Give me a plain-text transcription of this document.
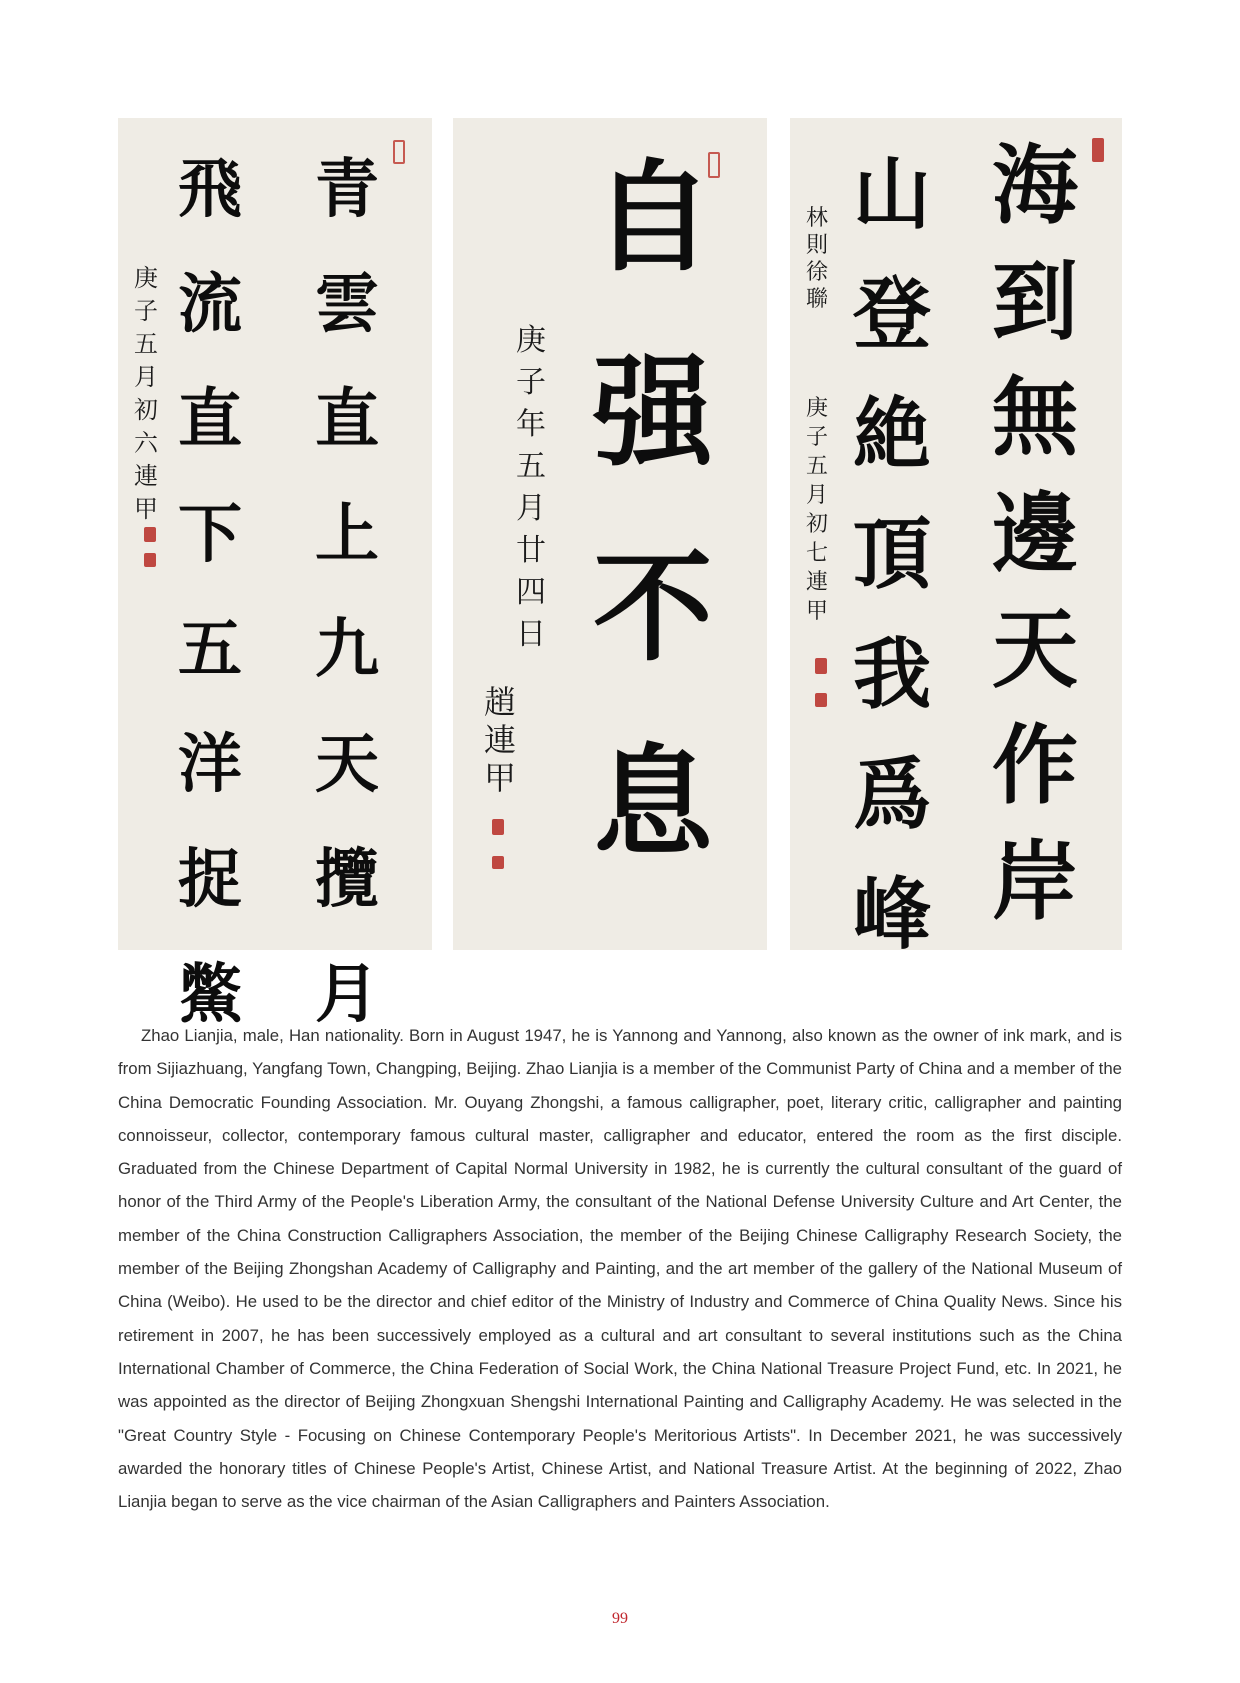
青
雲
直
上
九
天
攬
月
飛
流
直
下
五
洋
捉
鱉
庚
子
五
月
初
六
連
甲
自
强
不
息
庚
子
年
五
月
廿
四
日
趙
連
甲
海
到
無
邊
天
作
岸
山
登
絶
頂
我
爲
峰
林
則
徐
聯
庚
子
五
月
初
七
連
甲

Zhao Lianjia, male, Han nationality. Born in August 1947, he is Yannong and Yannong, also known as the owner of ink mark, and is from Sijiazhuang, Yangfang Town, Changping, Beijing. Zhao Lianjia is a member of the Communist Party of China and a member of the China Democratic Founding Association. Mr. Ouyang Zhongshi, a famous calligrapher, poet, literary critic, calligrapher and painting connoisseur, collector, contemporary famous cultural master, calligrapher and educator, entered the room as the first disciple. Graduated from the Chinese Department of Capital Normal University in 1982, he is currently the cultural consultant of the guard of honor of the Third Army of the People's Liberation Army, the consultant of the National Defense University Culture and Art Center, the member of the China Construction Calligraphers Association, the member of the Beijing Chinese Calligraphy Research Society, the member of the Beijing Zhongshan Academy of Calligraphy and Painting, and the art member of the gallery of the National Museum of China (Weibo). He used to be the director and chief editor of the Ministry of Industry and Commerce of China Quality News. Since his retirement in 2007, he has been successively employed as a cultural and art consultant to several institutions such as the China International Chamber of Commerce, the China Federation of Social Work, the China National Treasure Project Fund, etc. In 2021, he was appointed as the director of Beijing Zhongxuan Shengshi International Painting and Calligraphy Academy. He was selected in the "Great Country Style - Focusing on Chinese Contemporary People's Meritorious Artists". In December 2021, he was successively awarded the honorary titles of Chinese People's Artist, Chinese Artist, and National Treasure Artist. At the beginning of 2022, Zhao Lianjia began to serve as the vice chairman of the Asian Calligraphers and Painters Association.

99
